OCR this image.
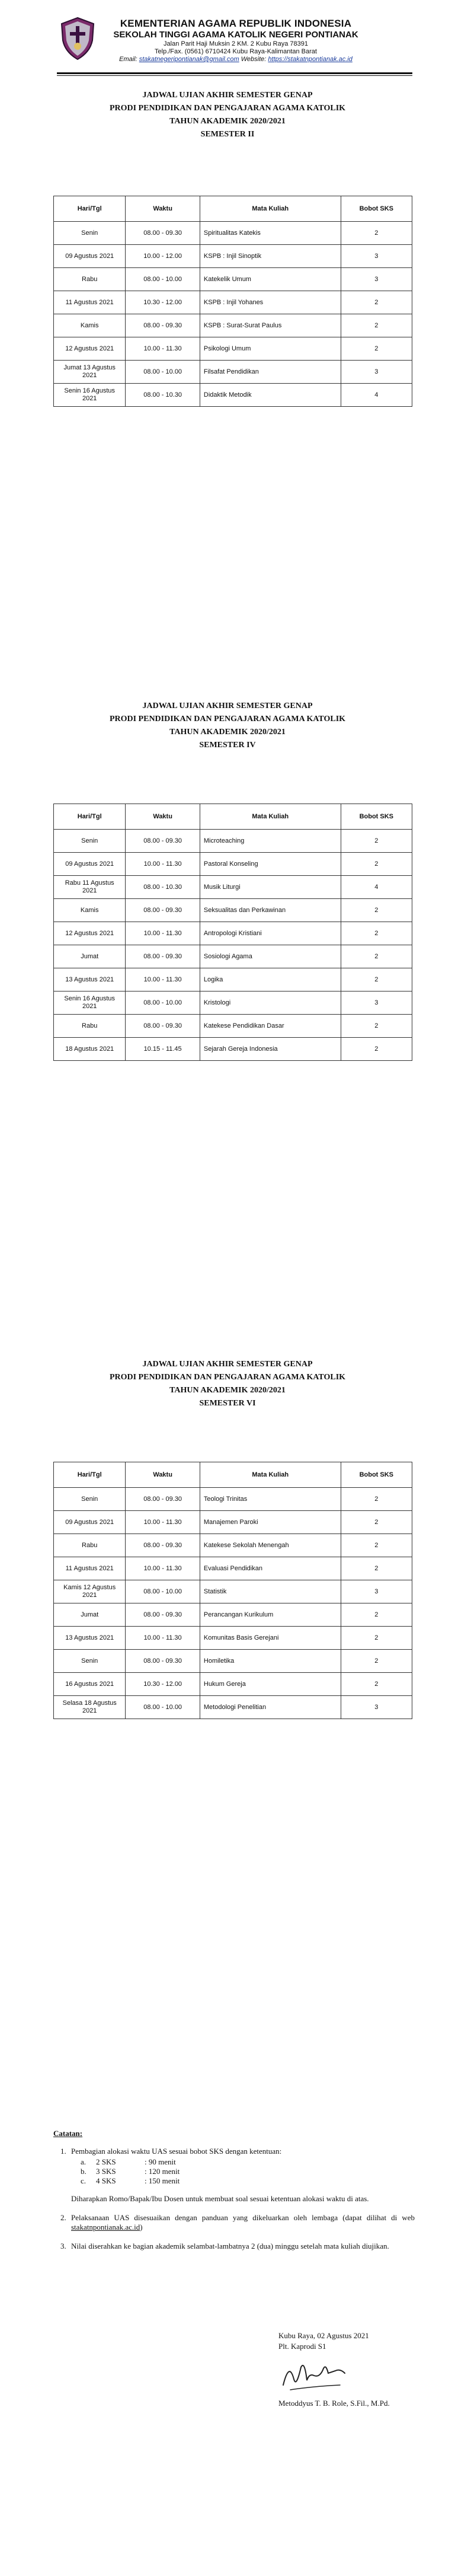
KEMENTERIAN AGAMA REPUBLIK INDONESIA
SEKOLAH TINGGI AGAMA KATOLIK NEGERI PONTIANAK
Jalan Parit Haji Muksin 2 KM. 2 Kubu Raya 78391
Telp./Fax. (0561) 6710424 Kubu Raya-Kalimantan Barat
Email: stakatnegeripontianak@gmail.com Website: https://stakatnpontianak.ac.id
JADWAL UJIAN AKHIR SEMESTER GENAP
PRODI PENDIDIKAN DAN PENGAJARAN AGAMA KATOLIK
TAHUN AKADEMIK 2020/2021
SEMESTER II
Hari/Tgl	Waktu	Mata Kuliah	Bobot SKS
Senin	08.00 - 09.30	Spiritualitas Katekis	2
09 Agustus 2021	10.00 - 12.00	KSPB : Injil Sinoptik	3
Rabu	08.00 - 10.00	Katekelik Umum	3
11 Agustus 2021	10.30 - 12.00	KSPB : Injil Yohanes	2
Kamis	08.00 - 09.30	KSPB : Surat-Surat Paulus	2
12 Agustus 2021	10.00 - 11.30	Psikologi Umum	2
Jumat 13 Agustus 2021	08.00 - 10.00	Filsafat Pendidikan	3
Senin 16 Agustus 2021	08.00 - 10.30	Didaktik Metodik	4
JADWAL UJIAN AKHIR SEMESTER GENAP
PRODI PENDIDIKAN DAN PENGAJARAN AGAMA KATOLIK
TAHUN AKADEMIK 2020/2021
SEMESTER IV
Hari/Tgl	Waktu	Mata Kuliah	Bobot SKS
Senin	08.00 - 09.30	Microteaching	2
09 Agustus 2021	10.00 - 11.30	Pastoral Konseling	2
Rabu 11 Agustus 2021	08.00 - 10.30	Musik Liturgi	4
Kamis	08.00 - 09.30	Seksualitas dan Perkawinan	2
12 Agustus 2021	10.00 - 11.30	Antropologi Kristiani	2
Jumat	08.00 - 09.30	Sosiologi Agama	2
13 Agustus 2021	10.00 - 11.30	Logika	2
Senin 16 Agustus 2021	08.00 - 10.00	Kristologi	3
Rabu	08.00 - 09.30	Katekese Pendidikan Dasar	2
18 Agustus 2021	10.15 - 11.45	Sejarah Gereja Indonesia	2
JADWAL UJIAN AKHIR SEMESTER GENAP
PRODI PENDIDIKAN DAN PENGAJARAN AGAMA KATOLIK
TAHUN AKADEMIK 2020/2021
SEMESTER VI
Hari/Tgl	Waktu	Mata Kuliah	Bobot SKS
Senin	08.00 - 09.30	Teologi Trinitas	2
09 Agustus 2021	10.00 - 11.30	Manajemen Paroki	2
Rabu	08.00 - 09.30	Katekese Sekolah Menengah	2
11 Agustus 2021	10.00 - 11.30	Evaluasi Pendidikan	2
Kamis 12 Agustus 2021	08.00 - 10.00	Statistik	3
Jumat	08.00 - 09.30	Perancangan Kurikulum	2
13 Agustus 2021	10.00 - 11.30	Komunitas Basis Gerejani	2
Senin	08.00 - 09.30	Homiletika	2
16 Agustus 2021	10.30 - 12.00	Hukum Gereja	2
Selasa 18 Agustus 2021	08.00 - 10.00	Metodologi Penelitian	3
Catatan:
1. Pembagian alokasi waktu UAS sesuai bobot SKS dengan ketentuan:
a.	2 SKS	: 90 menit
b.	3 SKS	: 120 menit
c.	4 SKS	: 150 menit
Diharapkan Romo/Bapak/Ibu Dosen untuk membuat soal sesuai ketentuan alokasi waktu di atas.
2. Pelaksanaan UAS disesuaikan dengan panduan yang dikeluarkan oleh lembaga (dapat dilihat di web stakatnpontianak.ac.id)
3. Nilai diserahkan ke bagian akademik selambat-lambatnya 2 (dua) minggu setelah mata kuliah diujikan.
Kubu Raya, 02 Agustus 2021
Plt. Kaprodi S1
Metoddyus T. B. Role, S.Fil., M.Pd.
